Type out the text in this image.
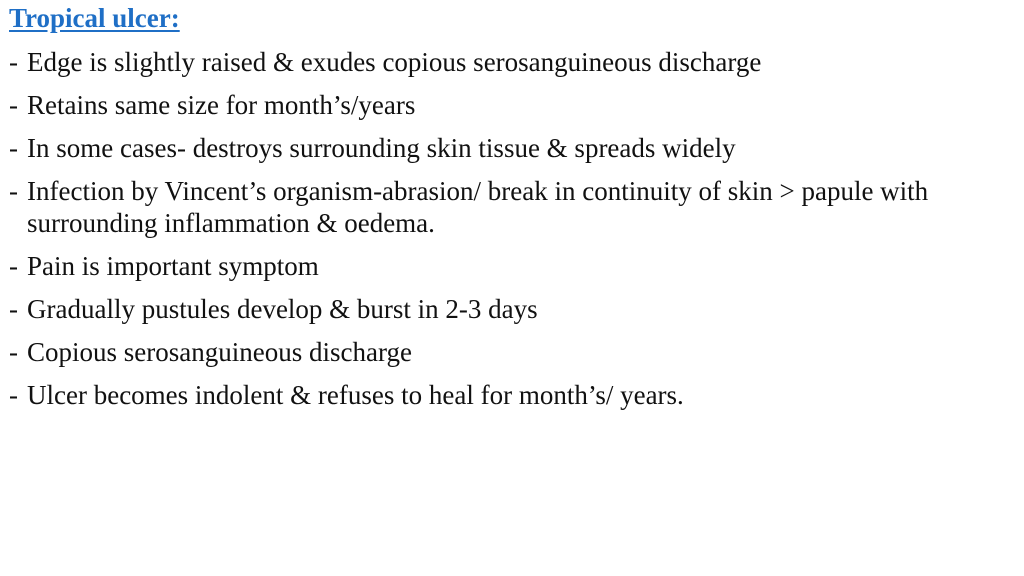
Tropical ulcer:
- Edge is slightly raised & exudes copious serosanguineous discharge
- Retains same size for month’s/years
- In some cases- destroys surrounding skin tissue & spreads widely
- Infection by Vincent’s organism-abrasion/ break in continuity of skin > papule with surrounding inflammation & oedema.
- Pain is important symptom
- Gradually pustules develop & burst in 2-3 days
- Copious serosanguineous discharge
- Ulcer becomes indolent & refuses to heal for month’s/ years.
